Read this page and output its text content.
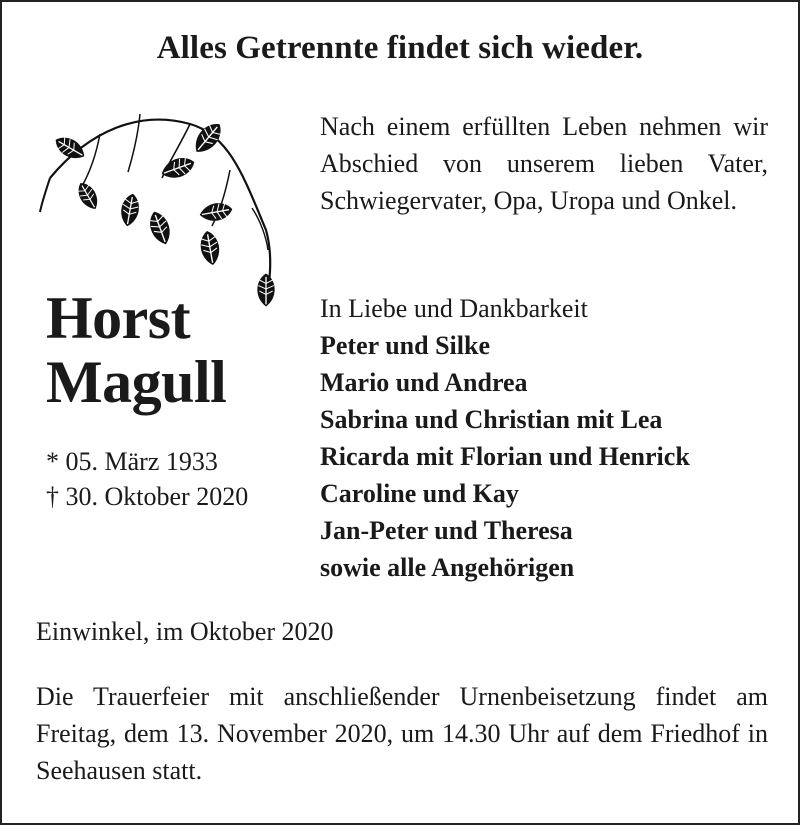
Alles Getrennte findet sich wieder.
Horst
Magull
* 05. März 1933
† 30. Oktober 2020
Nach einem erfüllten Leben nehmen wir Abschied von unserem lieben Vater, Schwiegervater, Opa, Uropa und Onkel.
In Liebe und Dankbarkeit
Peter und Silke
Mario und Andrea
Sabrina und Christian mit Lea
Ricarda mit Florian und Henrick
Caroline und Kay
Jan-Peter und Theresa
sowie alle Angehörigen
Einwinkel, im Oktober 2020
Die Trauerfeier mit anschließender Urnenbeisetzung findet am Freitag, dem 13. November 2020, um 14.30 Uhr auf dem Friedhof in Seehausen statt.
